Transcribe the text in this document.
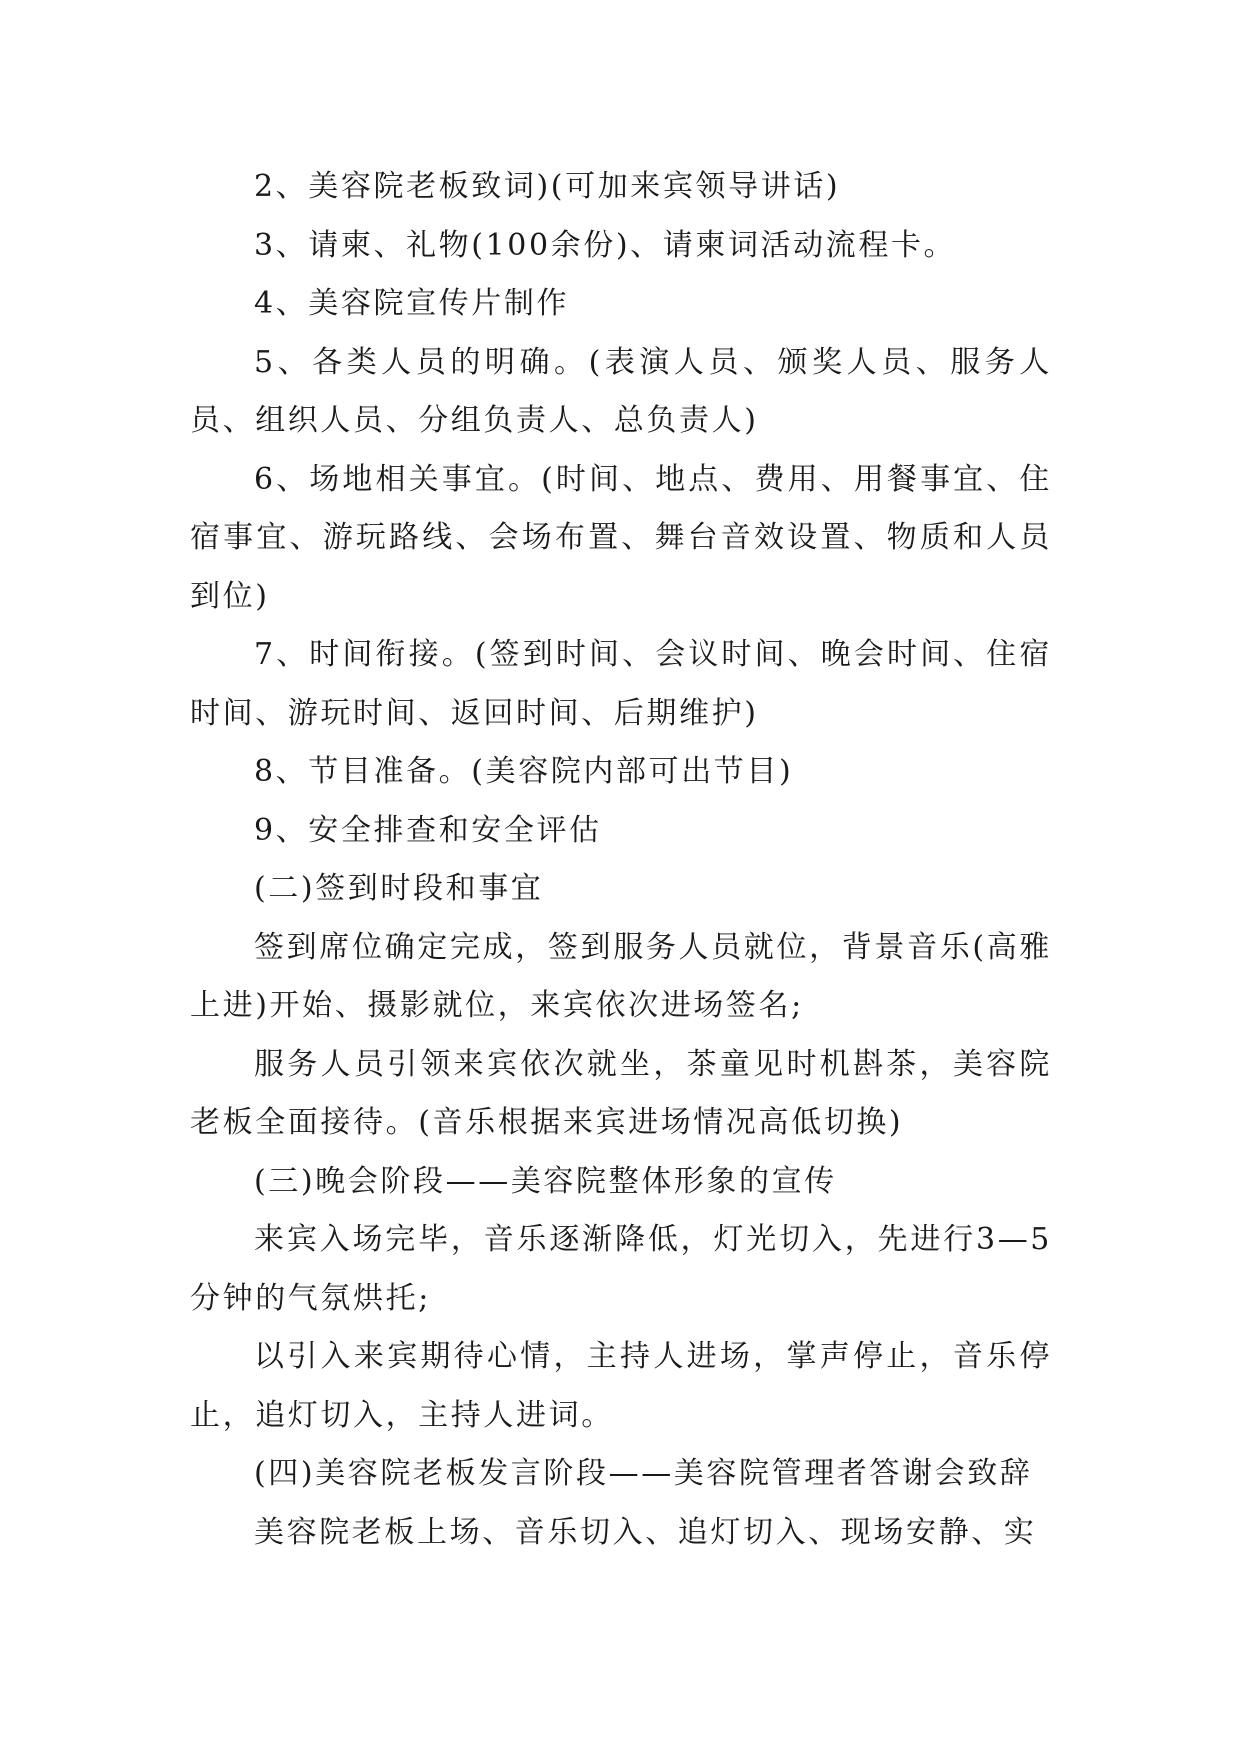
2、美容院老板致词)(可加来宾领导讲话)

3、请柬、礼物(100余份)、请柬词活动流程卡。

4、美容院宣传片制作

5、各类人员的明确。(表演人员、颁奖人员、服务人员、组织人员、分组负责人、总负责人)

6、场地相关事宜。(时间、地点、费用、用餐事宜、住宿事宜、游玩路线、会场布置、舞台音效设置、物质和人员到位)

7、时间衔接。(签到时间、会议时间、晚会时间、住宿时间、游玩时间、返回时间、后期维护)

8、节目准备。(美容院内部可出节目)

9、安全排查和安全评估

(二)签到时段和事宜

签到席位确定完成，签到服务人员就位，背景音乐(高雅上进)开始、摄影就位，来宾依次进场签名;

服务人员引领来宾依次就坐，茶童见时机斟茶，美容院老板全面接待。(音乐根据来宾进场情况高低切换)

(三)晚会阶段——美容院整体形象的宣传

来宾入场完毕，音乐逐渐降低，灯光切入，先进行3—5分钟的气氛烘托;

以引入来宾期待心情，主持人进场，掌声停止，音乐停止，追灯切入，主持人进词。

(四)美容院老板发言阶段——美容院管理者答谢会致辞

美容院老板上场、音乐切入、追灯切入、现场安静、实
